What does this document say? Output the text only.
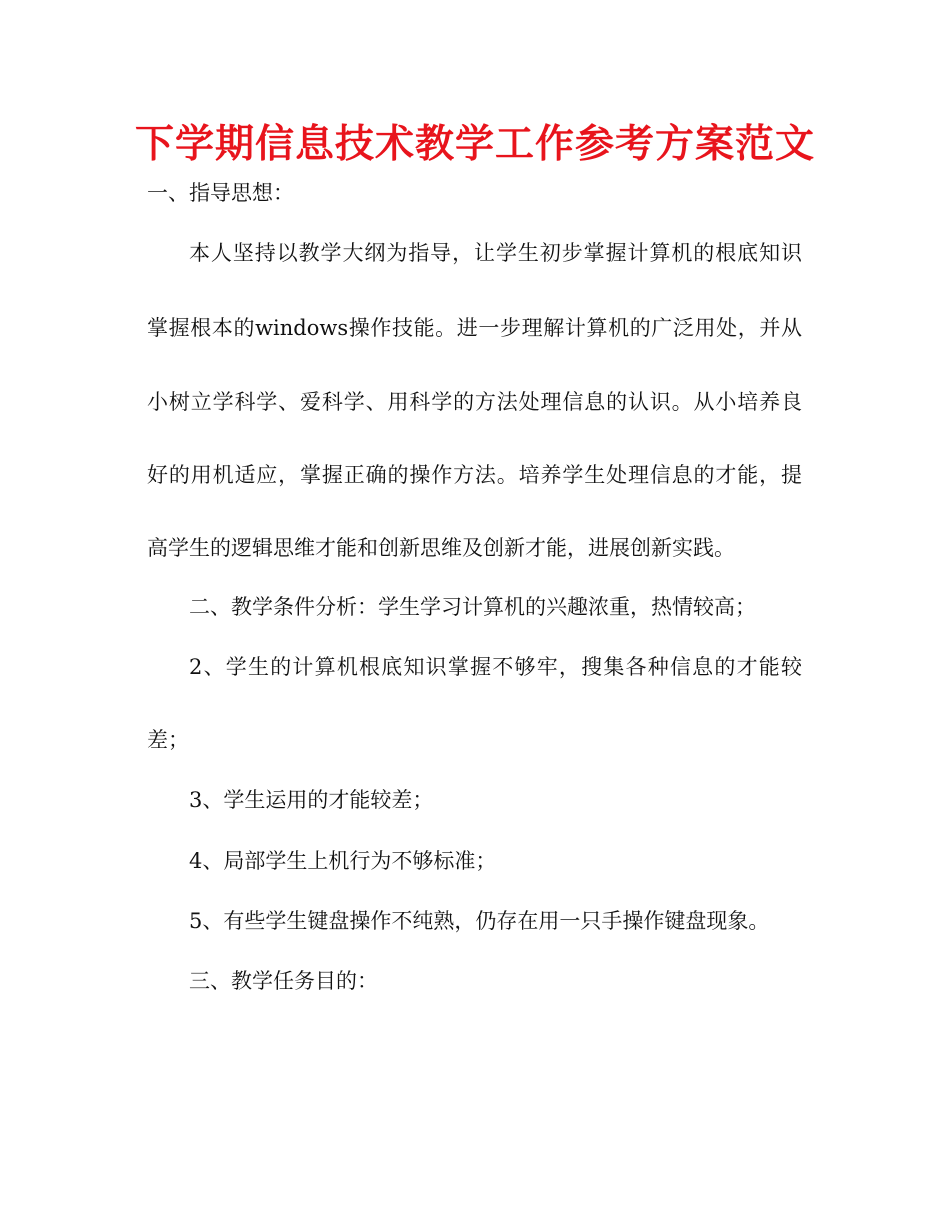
下学期信息技术教学工作参考方案范文
一、指导思想：
本人坚持以教学大纲为指导，让学生初步掌握计算机的根底知识
掌握根本的windows操作技能。进一步理解计算机的广泛用处，并从
小树立学科学、爱科学、用科学的方法处理信息的认识。从小培养良
好的用机适应，掌握正确的操作方法。培养学生处理信息的才能，提
高学生的逻辑思维才能和创新思维及创新才能，进展创新实践。
二、教学条件分析：学生学习计算机的兴趣浓重，热情较高；
2、学生的计算机根底知识掌握不够牢，搜集各种信息的才能较
差；
3、学生运用的才能较差；
4、局部学生上机行为不够标准；
5、有些学生键盘操作不纯熟，仍存在用一只手操作键盘现象。
三、教学任务目的：
